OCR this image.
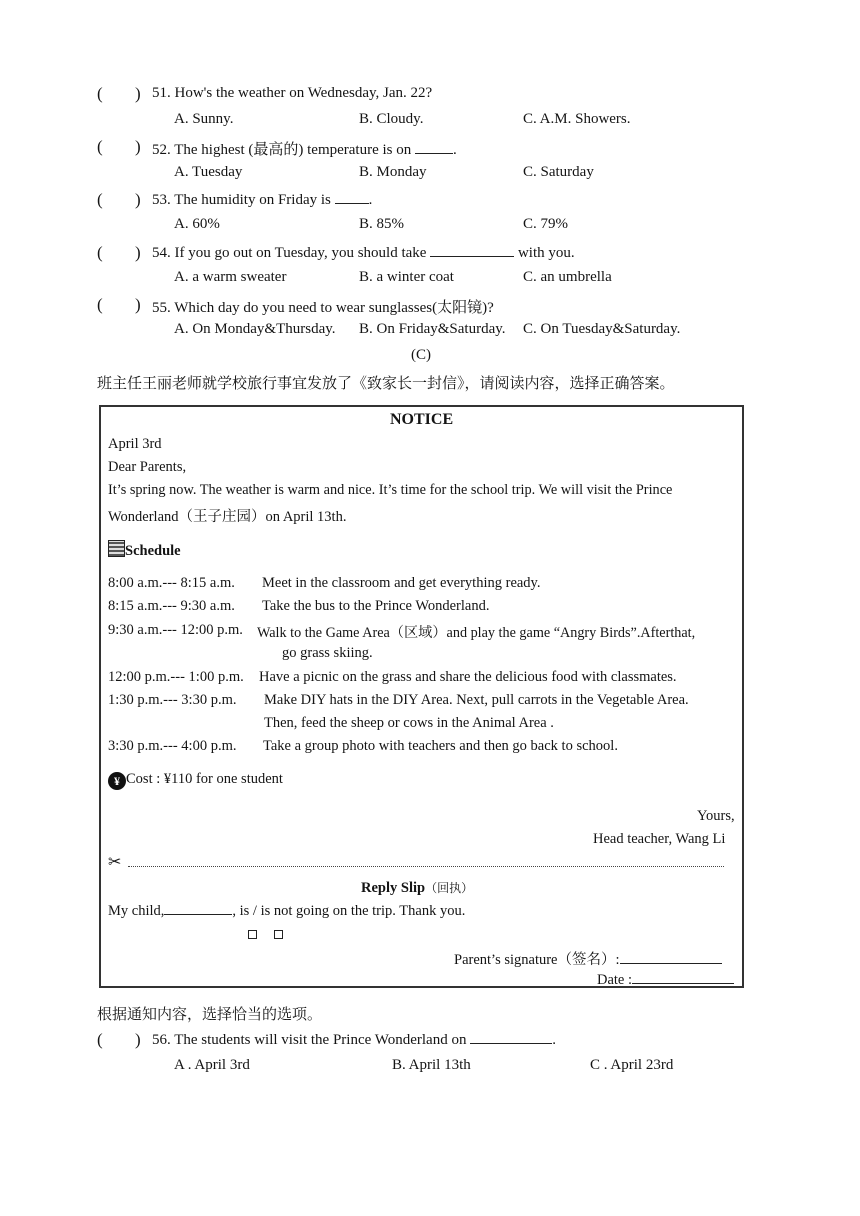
( ) 51. How's the weather on Wednesday, Jan. 22?
A. Sunny.	B. Cloudy.	C. A.M. Showers.
( ) 52. The highest (最高的) temperature is on	.
A. Tuesday	B. Monday	C. Saturday
( ) 53. The humidity on Friday is	.
A. 60%	B. 85%	C. 79%
( ) 54. If you go out on Tuesday, you should take	with you.
A. a warm sweater	B. a winter coat	C. an umbrella
( ) 55. Which day do you need to wear sunglasses(太阳镜)?
A. On Monday&Thursday. B. On Friday&Saturday. C. On Tuesday&Saturday.
(C)
班主任王丽老师就学校旅行事宜发放了《致家长一封信》，请阅读内容，选择正确答案。
NOTICE
April 3rd
Dear Parents,
It’s spring now. The weather is warm and nice. It’s time for the school trip. We will visit the Prince
Wonderland（王子庄园）on April 13th.
Schedule
8:00 a.m.--- 8:15 a.m. Meet in the classroom and get everything ready.
8:15 a.m.--- 9:30 a.m. Take the bus to the Prince Wonderland.
9:30 a.m.--- 12:00 p.m. Walk to the Game Area（区域）and play the game “Angry Birds”.Afterthat,
go grass skiing.
12:00 p.m.--- 1:00 p.m. Have a picnic on the grass and share the delicious food with classmates.
1:30 p.m.--- 3:30 p.m. Make DIY hats in the DIY Area. Next, pull carrots in the Vegetable Area.
Then, feed the sheep or cows in the Animal Area .
3:30 p.m.--- 4:00 p.m. Take a group photo with teachers and then go back to school.
¥ Cost : ¥110 for one student
Yours,
Head teacher, Wang Li
✂
Reply Slip（回执）
My child,	, is / is not going on the trip. Thank you.
Parent’s signature（签名）:
Date :
根据通知内容，选择恰当的选项。
( ) 56. The students will visit the Prince Wonderland on	.
A . April 3rd	B. April 13th	C . April 23rd
